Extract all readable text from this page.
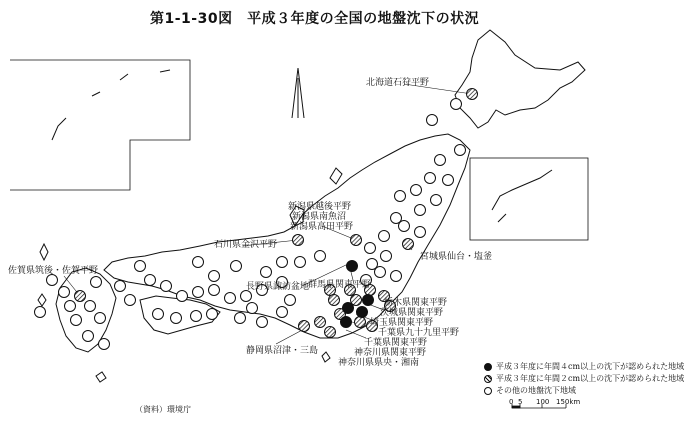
第1-1-30図　平成３年度の全国の地盤沈下の状況
北海道石狩平野
新潟県越後平野
新潟県南魚沼
新潟県高田平野
石川県金沢平野
佐賀県筑後・佐賀平野
長野県諏訪盆地
群馬県関東平野
宮城県仙台・塩釜
栃木県関東平野
茨城県関東平野
埼玉県関東平野
千葉県九十九里平野
千葉県関東平野
神奈川県関東平野
神奈川県県央・湘南
静岡県沼津・三島
平成３年度に年間４cm以上の沈下が認められた地域
平成３年度に年間２cm以上の沈下が認められた地域
その他の地盤沈下地域
（資料）環境庁
0 5 100 150km
